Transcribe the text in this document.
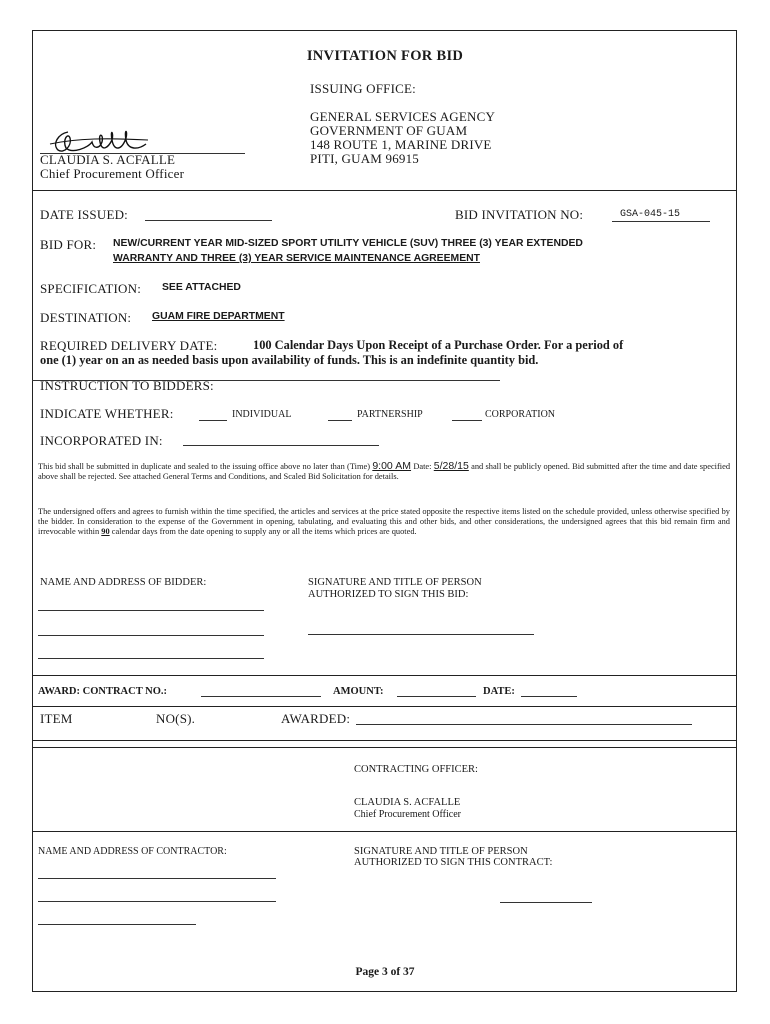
INVITATION FOR BID
ISSUING OFFICE:
GENERAL SERVICES AGENCY
GOVERNMENT OF GUAM
148 ROUTE 1, MARINE DRIVE
PITI, GUAM 96915
CLAUDIA S. ACFALLE
Chief Procurement Officer
DATE ISSUED:	BID INVITATION NO:	GSA-045-15
BID FOR: NEW/CURRENT YEAR MID-SIZED SPORT UTILITY VEHICLE (SUV) THREE (3) YEAR EXTENDED
WARRANTY AND THREE (3) YEAR SERVICE MAINTENANCE AGREEMENT
SPECIFICATION: SEE ATTACHED
DESTINATION: GUAM FIRE DEPARTMENT
REQUIRED DELIVERY DATE:	100 Calendar Days Upon Receipt of a Purchase Order. For a period of
one (1) year on an as needed basis upon availability of funds. This is an indefinite quantity bid.
INSTRUCTION TO BIDDERS:
INDICATE WHETHER:	INDIVIDUAL	PARTNERSHIP	CORPORATION
INCORPORATED IN:
This bid shall be submitted in duplicate and sealed to the issuing office above no later than (Time) 9:00 AM Date: 5/28/15 and shall be publicly opened. Bid submitted after the time and date specified above shall be rejected. See attached General Terms and Conditions, and Scaled Bid Solicitation for details.
The undersigned offers and agrees to furnish within the time specified, the articles and services at the price stated opposite the respective items listed on the schedule provided, unless otherwise specified by the bidder. In consideration to the expense of the Government in opening, tabulating, and evaluating this and other bids, and other considerations, the undersigned agrees that this bid remain firm and irrevocable within 90 calendar days from the date opening to supply any or all the items which prices are quoted.
NAME AND ADDRESS OF BIDDER:	SIGNATURE AND TITLE OF PERSON
AUTHORIZED TO SIGN THIS BID:
AWARD: CONTRACT NO.:	AMOUNT:	DATE:
ITEM	NO(S).	AWARDED:
CONTRACTING OFFICER:
CLAUDIA S. ACFALLE
Chief Procurement Officer
NAME AND ADDRESS OF CONTRACTOR:	SIGNATURE AND TITLE OF PERSON
AUTHORIZED TO SIGN THIS CONTRACT:
Page 3 of 37
